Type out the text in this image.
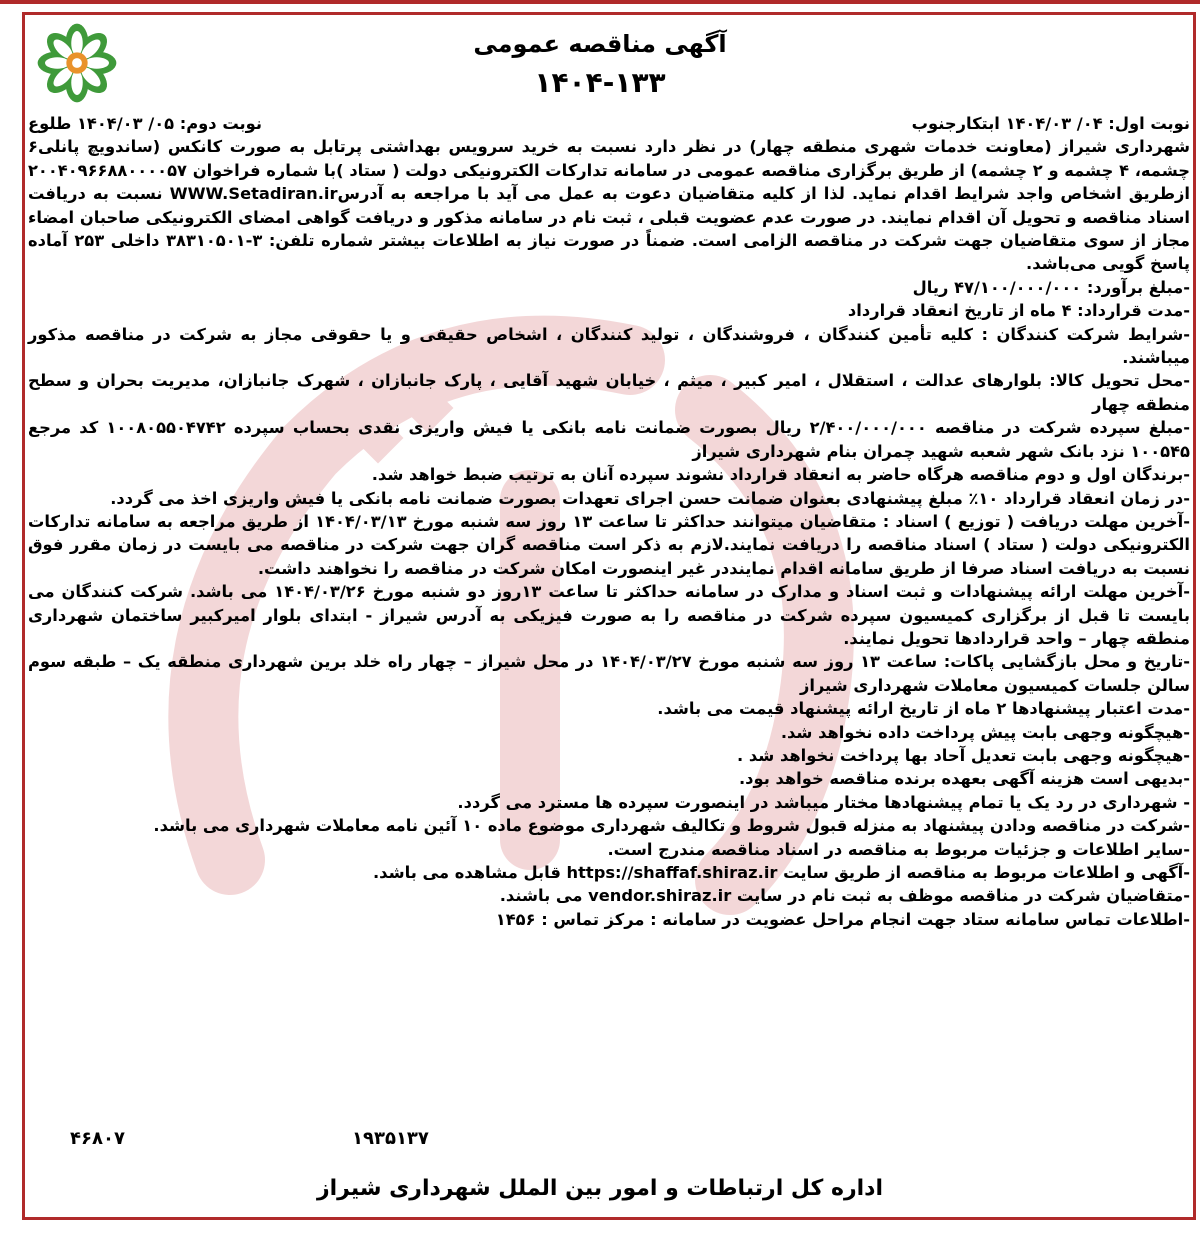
آگهی مناقصه عمومی
۱۴۰۴-۱۳۳
نوبت اول: ۰۴/ ۱۴۰۴/۰۳ ابتکارجنوب
نوبت دوم: ۰۵/ ۱۴۰۴/۰۳ طلوع

شهرداری شیراز (معاونت خدمات شهری منطقه چهار) در نظر دارد نسبت به خرید سرویس بهداشتی پرتابل به صورت کانکس (ساندویچ پانلی۶ چشمه، ۴ چشمه و ۲ چشمه) از طریق برگزاری مناقصه عمومی در سامانه تدارکات الکترونیکی دولت ( ستاد )با شماره فراخوان ۲۰۰۴۰۹۶۶۸۸۰۰۰۰۵۷ ازطریق اشخاص واجد شرایط اقدام نماید. لذا از کلیه متقاضیان دعوت به عمل می آید با مراجعه به آدرسWWW.Setadiran.ir نسبت به دریافت اسناد مناقصه و تحویل آن اقدام نمایند. در صورت عدم عضویت قبلی ، ثبت نام در سامانه مذکور و دریافت گواهی امضای الکترونیکی صاحبان امضاء مجاز از سوی متقاضیان جهت شرکت در مناقصه الزامی است. ضمناً در صورت نیاز به اطلاعات بیشتر شماره تلفن: ۳-۳۸۳۱۰۵۰۱ داخلی ۲۵۳ آماده پاسخ گویی می‌باشد.

-مبلغ برآورد: ۴۷/۱۰۰/۰۰۰/۰۰۰ ریال

-مدت قرارداد: ۴ ماه از تاریخ انعقاد قرارداد

-شرایط شرکت کنندگان : کلیه تأمین کنندگان ، فروشندگان ، تولید کنندگان ، اشخاص حقیقی و یا حقوقی مجاز به شرکت در مناقصه مذکور میباشند.

-محل تحویل کالا: بلوارهای عدالت ، استقلال ، امیر کبیر ، میثم ، خیابان شهید آقایی ، پارک جانبازان ، شهرک جانبازان، مدیریت بحران و سطح منطقه چهار

-مبلغ سپرده شرکت در مناقصه ۲/۴۰۰/۰۰۰/۰۰۰ ریال بصورت ضمانت نامه بانکی یا فیش واریزی نقدی بحساب سپرده ۱۰۰۸۰۵۵۰۴۷۴۲ کد مرجع ۱۰۰۵۴۵ نزد بانک شهر شعبه شهید چمران بنام شهرداری شیراز

-برندگان اول و دوم مناقصه هرگاه حاضر به انعقاد قرارداد نشوند سپرده آنان به ترتیب ضبط خواهد شد.

-در زمان انعقاد قرارداد ۱۰٪ مبلغ پیشنهادی بعنوان ضمانت حسن اجرای تعهدات بصورت ضمانت نامه بانکی یا فیش واریزی اخذ می گردد.

-آخرین مهلت دریافت ( توزیع ) اسناد : متقاضیان میتوانند حداکثر تا ساعت ۱۳ روز سه شنبه مورخ ۱۴۰۴/۰۳/۱۳ از طریق مراجعه به سامانه تدارکات الکترونیکی دولت ( ستاد ) اسناد مناقصه را دریافت نمایند.لازم به ذکر است مناقصه گران جهت شرکت در مناقصه می بایست در زمان مقرر فوق نسبت به دریافت اسناد صرفا از طریق سامانه اقدام نماینددر غیر اینصورت امکان شرکت در مناقصه را نخواهند داشت.

-آخرین مهلت ارائه پیشنهادات و ثبت اسناد و مدارک در سامانه حداکثر تا ساعت ۱۳روز دو شنبه مورخ ۱۴۰۴/۰۳/۲۶ می باشد. شرکت کنندگان می بایست تا قبل از برگزاری کمیسیون سپرده شرکت در مناقصه را به صورت فیزیکی به آدرس شیراز - ابتدای بلوار امیرکبیر ساختمان شهرداری منطقه چهار – واحد قراردادها تحویل نمایند.

-تاریخ و محل بازگشایی پاکات: ساعت ۱۳ روز سه شنبه مورخ ۱۴۰۴/۰۳/۲۷ در محل شیراز – چهار راه خلد برین شهرداری منطقه یک – طبقه سوم سالن جلسات کمیسیون معاملات شهرداری شیراز

-مدت اعتبار پیشنهادها ۲ ماه از تاریخ ارائه پیشنهاد قیمت می باشد.

-هیچگونه وجهی بابت پیش پرداخت داده نخواهد شد.

-هیچگونه وجهی بابت تعدیل آحاد بها پرداخت نخواهد شد .

-بدیهی است هزینه آگهی بعهده برنده مناقصه خواهد بود.

- شهرداری در رد یک یا تمام پیشنهادها مختار میباشد در اینصورت سپرده ها مسترد می گردد.

-شرکت در مناقصه ودادن پیشنهاد به منزله قبول شروط و تکالیف شهرداری موضوع ماده ۱۰ آئین نامه معاملات شهرداری می باشد.

-سایر اطلاعات و جزئیات مربوط به مناقصه در اسناد مناقصه مندرج است.

-آگهی و اطلاعات مربوط به مناقصه از طریق سایت https://shaffaf.shiraz.ir قابل مشاهده می باشد.

-متقاضیان شرکت در مناقصه موظف به ثبت نام در سایت vendor.shiraz.ir می باشند.

-اطلاعات تماس سامانه ستاد جهت انجام مراحل عضویت در سامانه : مرکز تماس : ۱۴۵۶

۴۶۸۰۷	۱۹۳۵۱۳۷
اداره کل ارتباطات و امور بین الملل شهرداری شیراز
